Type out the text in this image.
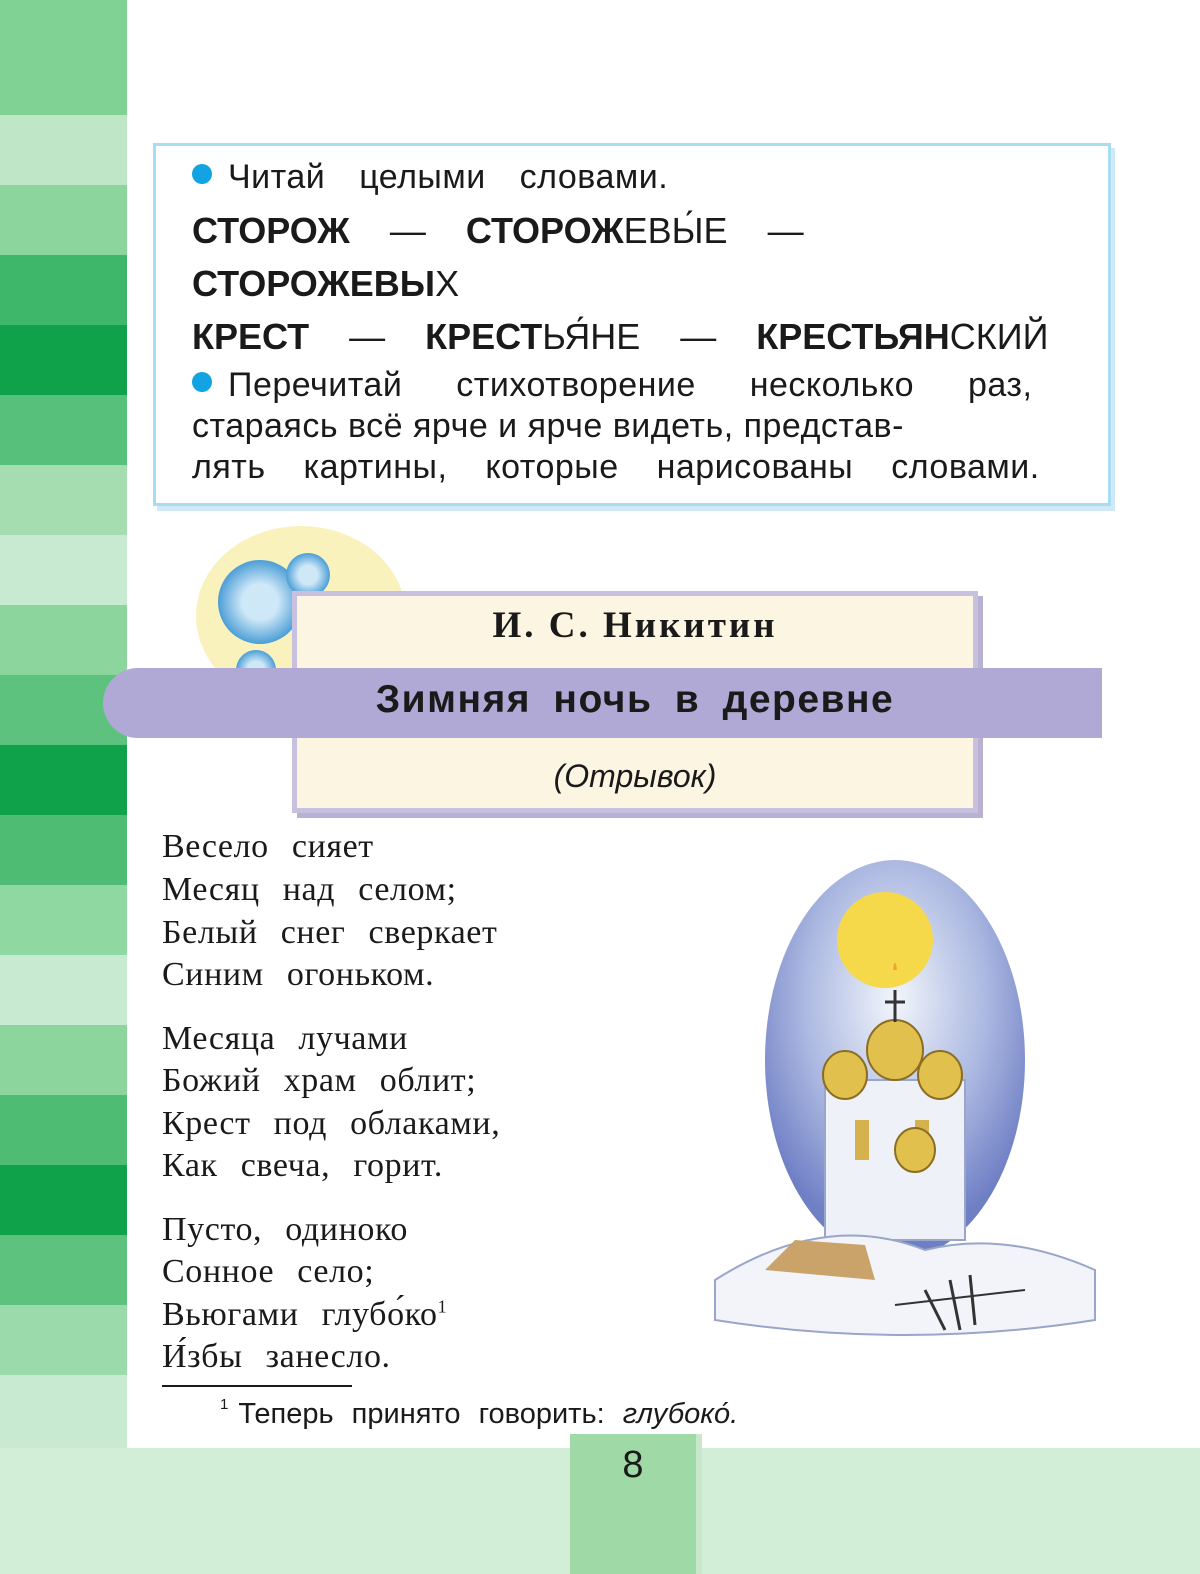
Читай целыми словами.
СТОРОЖ — СТОРОЖЕВЫ́Е —
СТОРОЖЕВЫХ
КРЕСТ — КРЕСТЬЯ́НЕ — КРЕСТЬЯНСКИЙ
Перечитай стихотворение несколько раз,
стараясь всё ярче и ярче видеть, представ-
лять картины, которые нарисованы словами.
И. С. Никитин
Зимняя ночь в деревне
(Отрывок)
Весело сияет
Месяц над селом;
Белый снег сверкает
Синим огоньком.
Месяца лучами
Божий храм облит;
Крест под облаками,
Как свеча, горит.
Пусто, одиноко
Сонное село;
Вьюгами $глубо́ко^1$
И́збы занесло.
$^1$ Теперь принято говорить: глубоко́.
8
